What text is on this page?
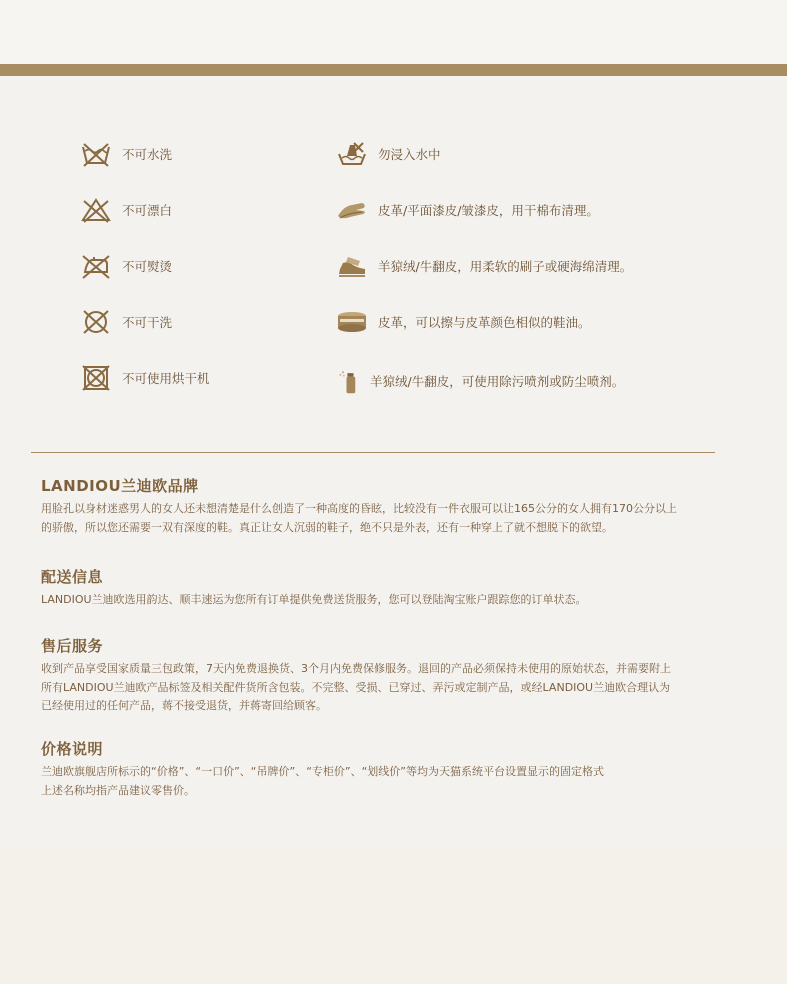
不可水洗
不可漂白
不可熨烫
不可干洗
不可使用烘干机
勿浸入水中
皮革/平面漆皮/皱漆皮，用干棉布清理。
羊猄绒/牛翻皮，用柔软的刷子或硬海绵清理。
皮革，可以擦与皮革颜色相似的鞋油。
羊猄绒/牛翻皮，可使用除污喷剂或防尘喷剂。
LANDIOU兰迪欧品牌

用脸孔以身材迷惑男人的女人还未想清楚是什么创造了一种高度的昏眩，比较没有一件衣服可以让165公分的女人拥有170公分以上
的骄傲，所以您还需要一双有深度的鞋。真正让女人沉弱的鞋子，绝不只是外表，还有一种穿上了就不想脱下的欲望。

配送信息

LANDIOU兰迪欧选用韵达、顺丰速运为您所有订单提供免费送货服务，您可以登陆淘宝账户跟踪您的订单状态。

售后服务

收到产品享受国家质量三包政策，7天内免费退换货、3个月内免费保修服务。退回的产品必须保持未使用的原始状态，并需要附上
所有LANDIOU兰迪欧产品标签及相关配件货所含包装。不完整、受损、已穿过、弄污或定制产品，或经LANDIOU兰迪欧合理认为
已经使用过的任何产品，蒋不接受退货，并蒋寄回给顾客。

价格说明

兰迪欧旗舰店所标示的“价格”、“一口价”、“吊牌价”、“专柜价”、“划线价”等均为天猫系统平台设置显示的固定格式
上述名称均指产品建议零售价。
